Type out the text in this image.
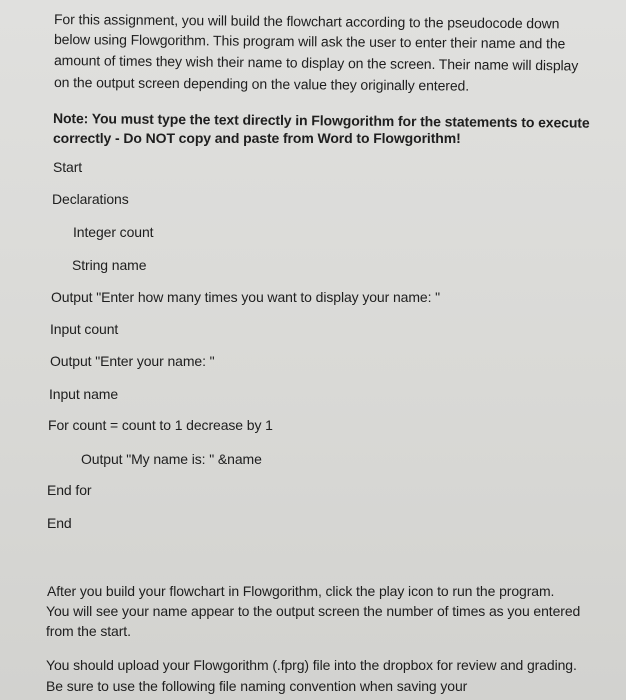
For this assignment, you will build the flowchart according to the pseudocode down
below using Flowgorithm. This program will ask the user to enter their name and the
amount of times they wish their name to display on the screen. Their name will display
on the output screen depending on the value they originally entered.
Note: You must type the text directly in Flowgorithm for the statements to execute
correctly - Do NOT copy and paste from Word to Flowgorithm!
Start
Declarations
Integer count
String name
Output "Enter how many times you want to display your name: "
Input count
Output "Enter your name: "
Input name
For count = count to 1 decrease by 1
Output "My name is: " &name
End for
End
After you build your flowchart in Flowgorithm, click the play icon to run the program.
You will see your name appear to the output screen the number of times as you entered
from the start.
You should upload your Flowgorithm (.fprg) file into the dropbox for review and grading.
Be sure to use the following file naming convention when saving your
